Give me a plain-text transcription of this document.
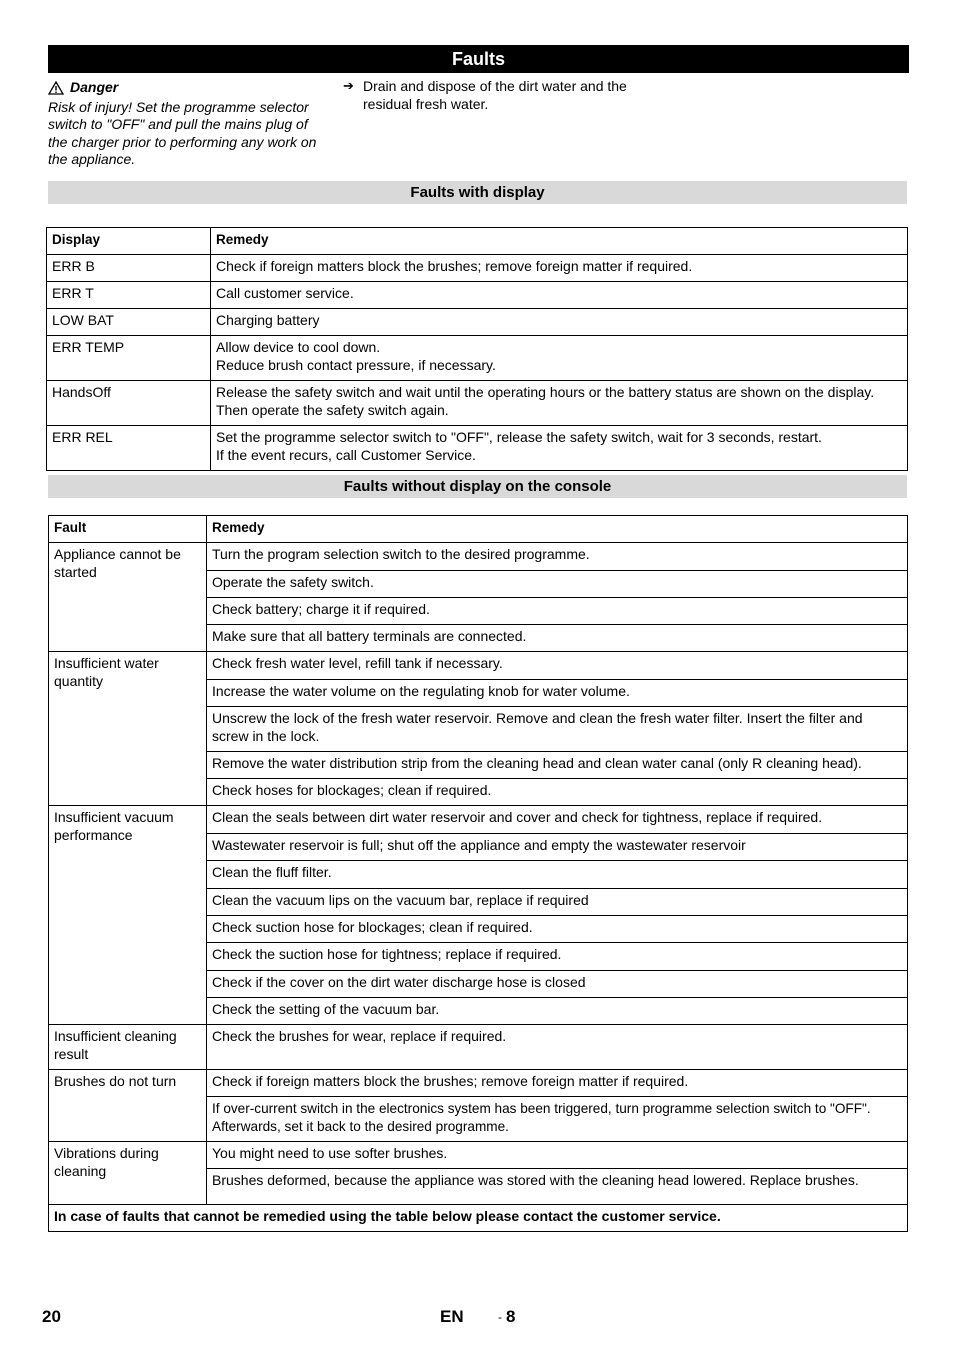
Faults
Danger
Risk of injury! Set the programme selector switch to "OFF" and pull the mains plug of the charger prior to performing any work on the appliance.
➔ Drain and dispose of the dirt water and the residual fresh water.
Faults with display
Display	Remedy
ERR B	Check if foreign matters block the brushes; remove foreign matter if required.

ERR T	Call customer service.

LOW BAT	Charging battery

ERR TEMP	Allow device to cool down.
Reduce brush contact pressure, if necessary.

HandsOff	Release the safety switch and wait until the operating hours or the battery status are shown on the display.
Then operate the safety switch again.

ERR REL	Set the programme selector switch to "OFF", release the safety switch, wait for 3 seconds, restart.
If the event recurs, call Customer Service.
Faults without display on the console
Fault	Remedy
Appliance cannot be started	Turn the program selection switch to the desired programme.
	Operate the safety switch.
	Check battery; charge it if required.
	Make sure that all battery terminals are connected.
Insufficient water quantity	Check fresh water level, refill tank if necessary.
	Increase the water volume on the regulating knob for water volume.
	Unscrew the lock of the fresh water reservoir. Remove and clean the fresh water filter. Insert the filter and screw in the lock.
	Remove the water distribution strip from the cleaning head and clean water canal (only R cleaning head).
	Check hoses for blockages; clean if required.
Insufficient vacuum performance	Clean the seals between dirt water reservoir and cover and check for tightness, replace if required.
	Wastewater reservoir is full; shut off the appliance and empty the wastewater reservoir
	Clean the fluff filter.
	Clean the vacuum lips on the vacuum bar, replace if required
	Check suction hose for blockages; clean if required.
	Check the suction hose for tightness; replace if required.
	Check if the cover on the dirt water discharge hose is closed
	Check the setting of the vacuum bar.
Insufficient cleaning result	Check the brushes for wear, replace if required.
Brushes do not turn	Check if foreign matters block the brushes; remove foreign matter if required.
	If over-current switch in the electronics system has been triggered, turn programme selection switch to "OFF". Afterwards, set it back to the desired programme.
Vibrations during cleaning	You might need to use softer brushes.
	Brushes deformed, because the appliance was stored with the cleaning head lowered. Replace brushes.
In case of faults that cannot be remedied using the table below please contact the customer service.	
20	EN	- 8
